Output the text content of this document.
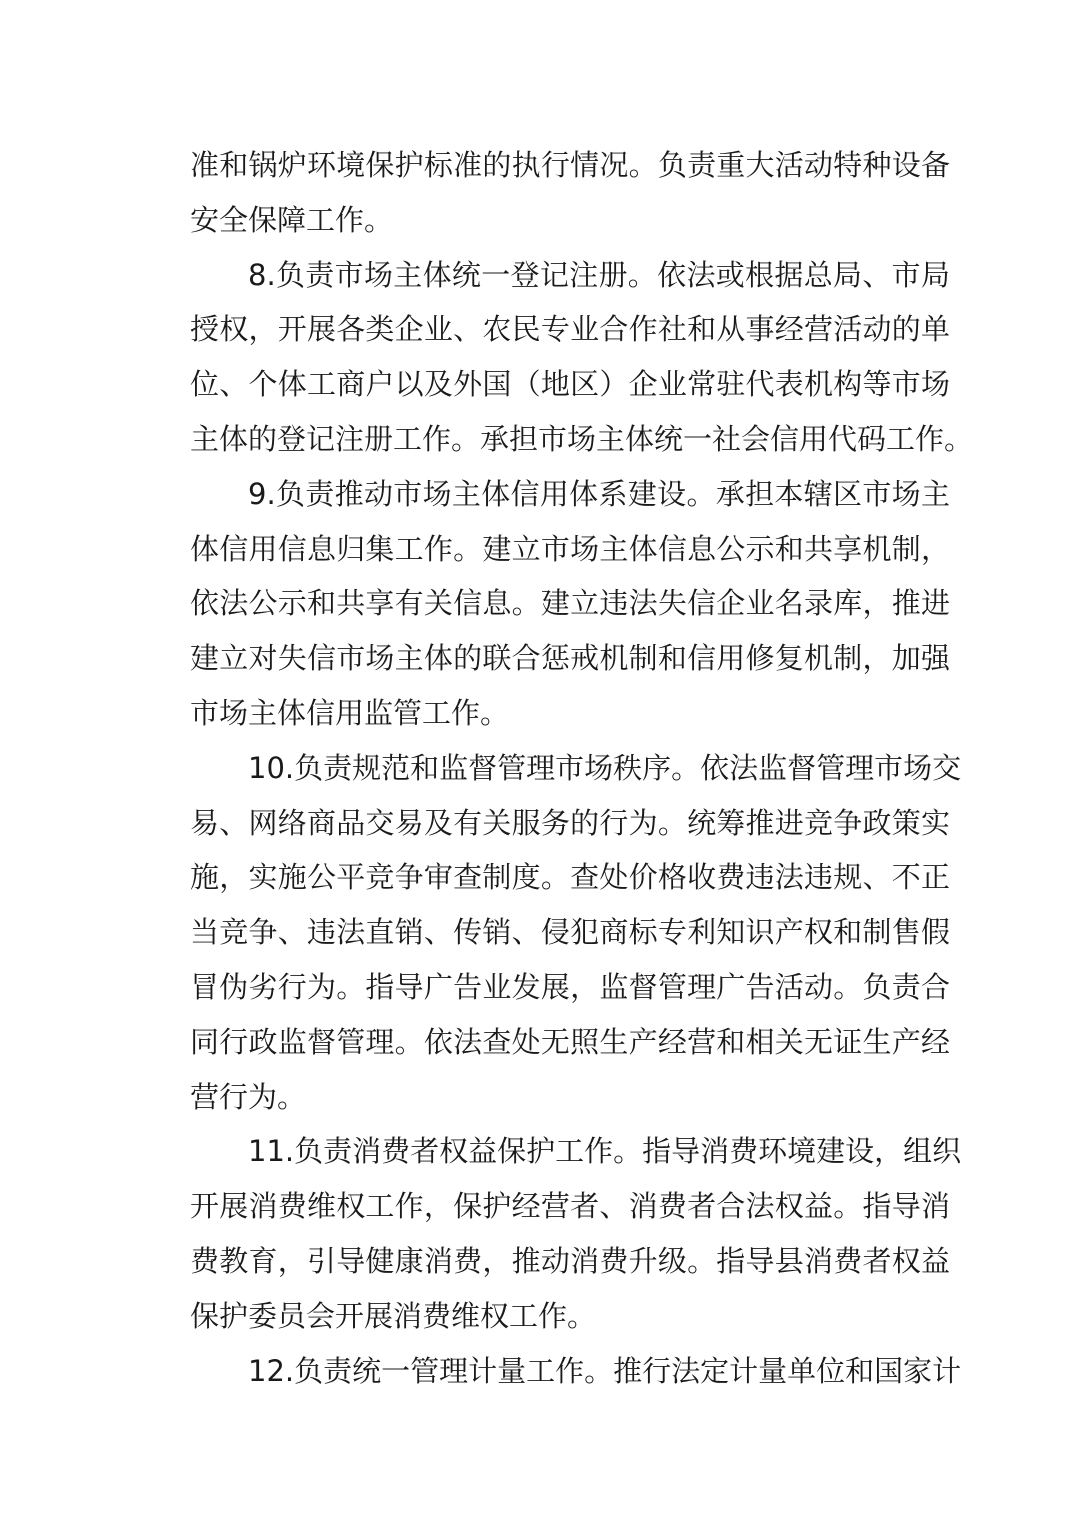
准和锅炉环境保护标准的执行情况。负责重大活动特种设备
安全保障工作。
8.负责市场主体统一登记注册。依法或根据总局、市局
授权，开展各类企业、农民专业合作社和从事经营活动的单
位、个体工商户以及外国（地区）企业常驻代表机构等市场
主体的登记注册工作。承担市场主体统一社会信用代码工作。
9.负责推动市场主体信用体系建设。承担本辖区市场主
体信用信息归集工作。建立市场主体信息公示和共享机制，
依法公示和共享有关信息。建立违法失信企业名录库，推进
建立对失信市场主体的联合惩戒机制和信用修复机制，加强
市场主体信用监管工作。
10.负责规范和监督管理市场秩序。依法监督管理市场交
易、网络商品交易及有关服务的行为。统筹推进竞争政策实
施，实施公平竞争审查制度。查处价格收费违法违规、不正
当竞争、违法直销、传销、侵犯商标专利知识产权和制售假
冒伪劣行为。指导广告业发展，监督管理广告活动。负责合
同行政监督管理。依法查处无照生产经营和相关无证生产经
营行为。
11.负责消费者权益保护工作。指导消费环境建设，组织
开展消费维权工作，保护经营者、消费者合法权益。指导消
费教育，引导健康消费，推动消费升级。指导县消费者权益
保护委员会开展消费维权工作。
12.负责统一管理计量工作。推行法定计量单位和国家计
